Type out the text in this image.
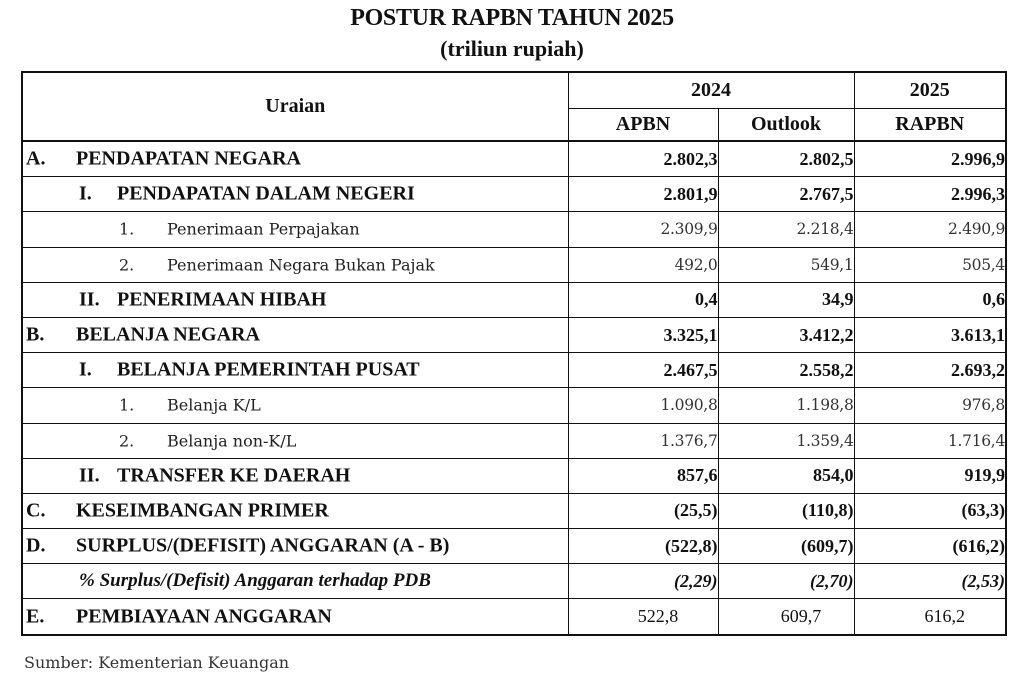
POSTUR RAPBN TAHUN 2025
(triliun rupiah)
Uraian	2024		2025
	APBN	Outlook	RAPBN

A. PENDAPATAN NEGARA	2.802,3	2.802,5	2.996,9

I. PENDAPATAN DALAM NEGERI	2.801,9	2.767,5	2.996,3

1. Penerimaan Perpajakan	2.309,9	2.218,4	2.490,9

2. Penerimaan Negara Bukan Pajak	492,0	549,1	505,4

II. PENERIMAAN HIBAH	0,4	34,9	0,6

B. BELANJA NEGARA	3.325,1	3.412,2	3.613,1

I. BELANJA PEMERINTAH PUSAT	2.467,5	2.558,2	2.693,2

1. Belanja K/L	1.090,8	1.198,8	976,8

2. Belanja non-K/L	1.376,7	1.359,4	1.716,4

II. TRANSFER KE DAERAH	857,6	854,0	919,9

C. KESEIMBANGAN PRIMER	(25,5)	(110,8)	(63,3)

D. SURPLUS/(DEFISIT) ANGGARAN (A - B)	(522,8)	(609,7)	(616,2)

% Surplus/(Defisit) Anggaran terhadap PDB	(2,29)	(2,70)	(2,53)

E. PEMBIAYAAN ANGGARAN	522,8	609,7	616,2
Sumber: Kementerian Keuangan
